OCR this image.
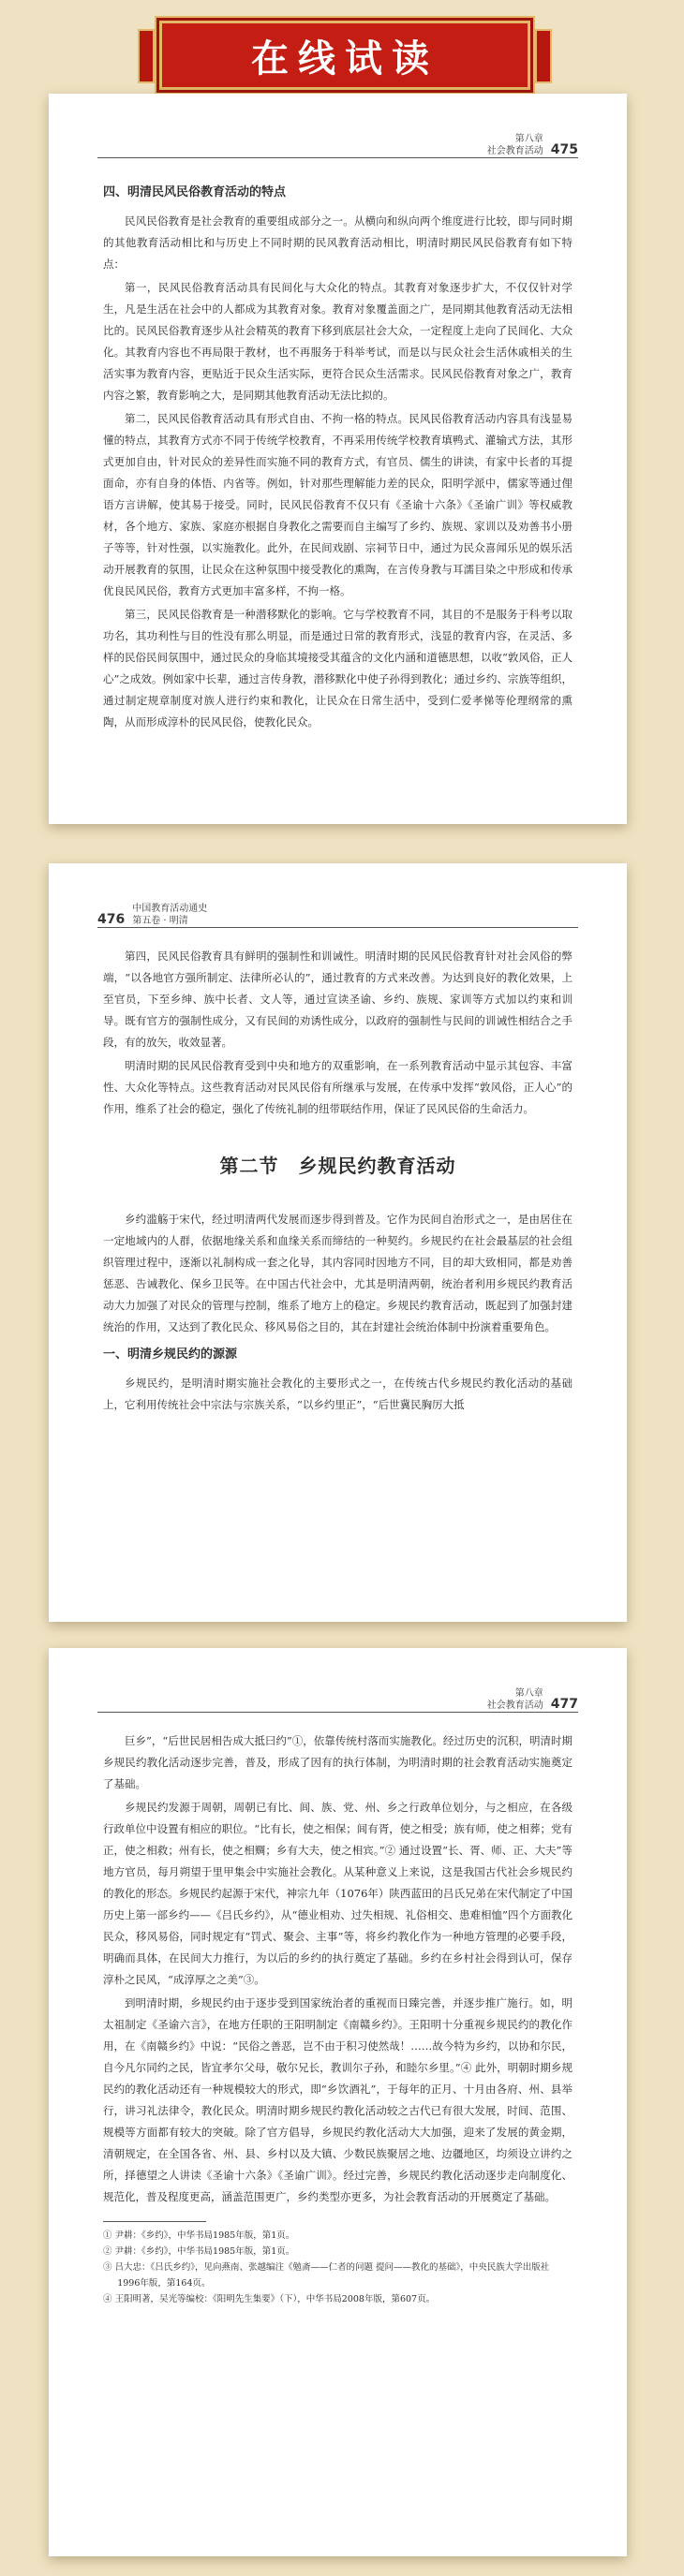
在线试读
第八章
社会教育活动 475
四、明清民风民俗教育活动的特点

民风民俗教育是社会教育的重要组成部分之一。从横向和纵向两个维度进行比较，即与同时期的其他教育活动相比和与历史上不同时期的民风教育活动相比，明清时期民风民俗教育有如下特点：

第一，民风民俗教育活动具有民间化与大众化的特点。其教育对象逐步扩大，不仅仅针对学生，凡是生活在社会中的人都成为其教育对象。教育对象覆盖面之广，是同期其他教育活动无法相比的。民风民俗教育逐步从社会精英的教育下移到底层社会大众，一定程度上走向了民间化、大众化。其教育内容也不再局限于教材，也不再服务于科举考试，而是以与民众社会生活休戚相关的生活实事为教育内容，更贴近于民众生活实际，更符合民众生活需求。民风民俗教育对象之广，教育内容之繁，教育影响之大，是同期其他教育活动无法比拟的。

第二，民风民俗教育活动具有形式自由、不拘一格的特点。民风民俗教育活动内容具有浅显易懂的特点，其教育方式亦不同于传统学校教育，不再采用传统学校教育填鸭式、灌输式方法，其形式更加自由，针对民众的差异性而实施不同的教育方式，有官员、儒生的讲读，有家中长者的耳提面命，亦有自身的体悟、内省等。例如，针对那些理解能力差的民众，阳明学派中，儒家等通过俚语方言讲解，使其易于接受。同时，民风民俗教育不仅只有《圣谕十六条》《圣谕广训》等权威教材，各个地方、家族、家庭亦根据自身教化之需要而自主编写了乡约、族规、家训以及劝善书小册子等等，针对性强，以实施教化。此外，在民间戏剧、宗祠节日中，通过为民众喜闻乐见的娱乐活动开展教育的氛围，让民众在这种氛围中接受教化的熏陶，在言传身教与耳濡目染之中形成和传承优良民风民俗，教育方式更加丰富多样，不拘一格。

第三，民风民俗教育是一种潜移默化的影响。它与学校教育不同，其目的不是服务于科考以取功名，其功利性与目的性没有那么明显，而是通过日常的教育形式，浅显的教育内容，在灵活、多样的民俗民间氛围中，通过民众的身临其境接受其蕴含的文化内涵和道德思想，以收“敦风俗，正人心”之成效。例如家中长辈，通过言传身教，潜移默化中使子孙得到教化；通过乡约、宗族等组织，通过制定规章制度对族人进行约束和教化，让民众在日常生活中，受到仁爱孝悌等伦理纲常的熏陶，从而形成淳朴的民风民俗，使教化民众。

476
中国教育活动通史
第五卷 · 明清

第四，民风民俗教育具有鲜明的强制性和训诫性。明清时期的民风民俗教育针对社会风俗的弊端，“以各地官方强所制定、法律所必认的”，通过教育的方式来改善。为达到良好的教化效果，上至官员，下至乡绅、族中长者、文人等，通过宣读圣谕、乡约、族规、家训等方式加以约束和训导。既有官方的强制性成分，又有民间的劝诱性成分，以政府的强制性与民间的训诫性相结合之手段，有的放矢，收效显著。

明清时期的民风民俗教育受到中央和地方的双重影响，在一系列教育活动中显示其包容、丰富性、大众化等特点。这些教育活动对民风民俗有所继承与发展，在传承中发挥“敦风俗，正人心”的作用，维系了社会的稳定，强化了传统礼制的纽带联结作用，保证了民风民俗的生命活力。

第二节　乡规民约教育活动

乡约滥觞于宋代，经过明清两代发展而逐步得到普及。它作为民间自治形式之一，是由居住在一定地域内的人群，依据地缘关系和血缘关系而缔结的一种契约。乡规民约在社会最基层的社会组织管理过程中，逐渐以礼制构成一套之化导，其内容同时因地方不同，目的却大致相同，都是劝善惩恶、告诫教化、保乡卫民等。在中国古代社会中，尤其是明清两朝，统治者利用乡规民约教育活动大力加强了对民众的管理与控制，维系了地方上的稳定。乡规民约教育活动，既起到了加强封建统治的作用，又达到了教化民众、移风易俗之目的，其在封建社会统治体制中扮演着重要角色。

一、明清乡规民约的源源

乡规民约，是明清时期实施社会教化的主要形式之一，在传统古代乡规民约教化活动的基础上，它利用传统社会中宗法与宗族关系，“以乡约里正”，“后世冀民胸厉大抵

第八章
社会教育活动 477

巨乡”，“后世民居相告成大抵曰约”①，依靠传统村落而实施教化。经过历史的沉积，明清时期乡规民约教化活动逐步完善，普及，形成了因有的执行体制，为明清时期的社会教育活动实施奠定了基础。

乡规民约发源于周朝，周朝已有比、闾、族、党、州、乡之行政单位划分，与之相应，在各级行政单位中设置有相应的职位。“比有长，使之相保；闾有胥，使之相受；族有师，使之相葬；党有正，使之相救；州有长，使之相赒；乡有大夫，使之相宾。”② 通过设置“长、胥、师、正、大夫”等地方官员，每月朔望于里甲集会中实施社会教化。从某种意义上来说，这是我国古代社会乡规民约的教化的形态。乡规民约起源于宋代，神宗九年（1076年）陕西蓝田的吕氏兄弟在宋代制定了中国历史上第一部乡约——《吕氏乡约》，从“德业相劝、过失相规、礼俗相交、患难相恤”四个方面教化民众，移风易俗，同时规定有“罚式、聚会、主事”等，将乡约教化作为一种地方管理的必要手段，明确而具体，在民间大力推行，为以后的乡约的执行奠定了基础。乡约在乡村社会得到认可，保存淳朴之民风，“成淳厚之之美”③。

到明清时期，乡规民约由于逐步受到国家统治者的重视而日臻完善，并逐步推广施行。如，明太祖制定《圣谕六言》，在地方任职的王阳明制定《南赣乡约》。王阳明十分重视乡规民约的教化作用，在《南赣乡约》中说：“民俗之善恶，岂不由于积习使然哉！……故今特为乡约，以协和尔民，自今凡尔同约之民，皆宜孝尔父母，敬尔兄长，教训尔子孙，和睦尔乡里。”④ 此外，明朝时期乡规民约的教化活动还有一种规模较大的形式，即“乡饮酒礼”，于每年的正月、十月由各府、州、县举行，讲习礼法律令，教化民众。明清时期乡规民约教化活动较之古代已有很大发展，时间、范围、规模等方面都有较大的突破。除了官方倡导，乡规民约教化活动大大加强，迎来了发展的黄金期，清朝规定，在全国各省、州、县、乡村以及大镇、少数民族聚居之地、边疆地区，均须设立讲约之所，择德望之人讲读《圣谕十六条》《圣谕广训》。经过完善，乡规民约教化活动逐步走向制度化、规范化，普及程度更高，涵盖范围更广，乡约类型亦更多，为社会教育活动的开展奠定了基础。

① 尹耕：《乡约》，中华书局1985年版，第1页。
② 尹耕：《乡约》，中华书局1985年版，第1页。
③ 吕大忠：《吕氏乡约》，见向燕南、张越编注《勉斋——仁者的问题 提问——教化的基础》，中央民族大学出版社 1996年版，第164页。
④ 王阳明著，吴光等编校：《阳明先生集要》（下），中华书局2008年版，第607页。
